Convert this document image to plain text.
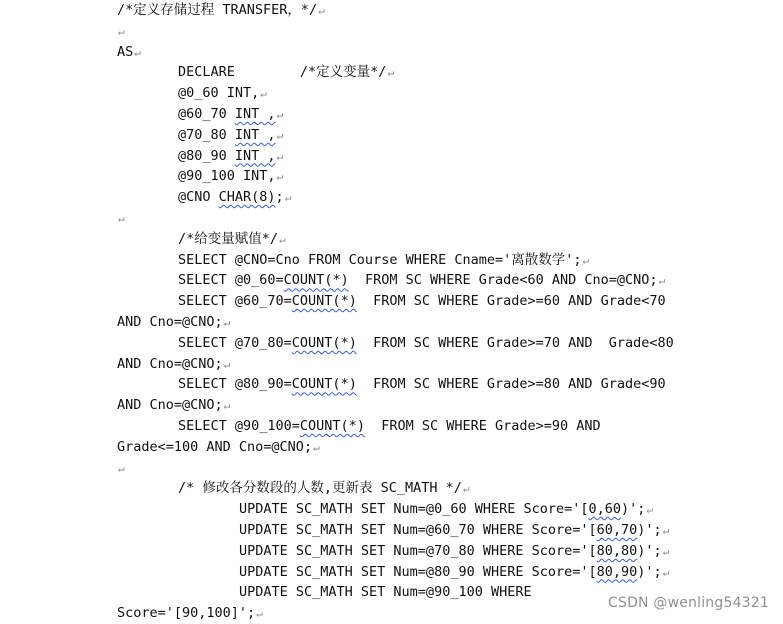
/*定义存储过程 TRANSFER，*/↵
↵
AS↵
DECLARE        /*定义变量*/↵
@0_60 INT,↵
@60_70 INT ,↵
@70_80 INT ,↵
@80_90 INT ,↵
@90_100 INT,↵
@CNO CHAR(8);↵
↵
/*给变量赋值*/↵
SELECT @CNO=Cno FROM Course WHERE Cname='离散数学';↵
SELECT @0_60=COUNT(*)  FROM SC WHERE Grade<60 AND Cno=@CNO;↵
SELECT @60_70=COUNT(*)  FROM SC WHERE Grade>=60 AND Grade<70
AND Cno=@CNO;↵
SELECT @70_80=COUNT(*)  FROM SC WHERE Grade>=70 AND  Grade<80
AND Cno=@CNO;↵
SELECT @80_90=COUNT(*)  FROM SC WHERE Grade>=80 AND Grade<90
AND Cno=@CNO;↵
SELECT @90_100=COUNT(*)  FROM SC WHERE Grade>=90 AND
Grade<=100 AND Cno=@CNO;↵
↵
/* 修改各分数段的人数,更新表 SC_MATH */↵
UPDATE SC_MATH SET Num=@0_60 WHERE Score='[0,60)';↵
UPDATE SC_MATH SET Num=@60_70 WHERE Score='[60,70)';↵
UPDATE SC_MATH SET Num=@70_80 WHERE Score='[80,80)';↵
UPDATE SC_MATH SET Num=@80_90 WHERE Score='[80,90)';↵
UPDATE SC_MATH SET Num=@90_100 WHERE
Score='[90,100]';↵
CSDN @wenling54321
